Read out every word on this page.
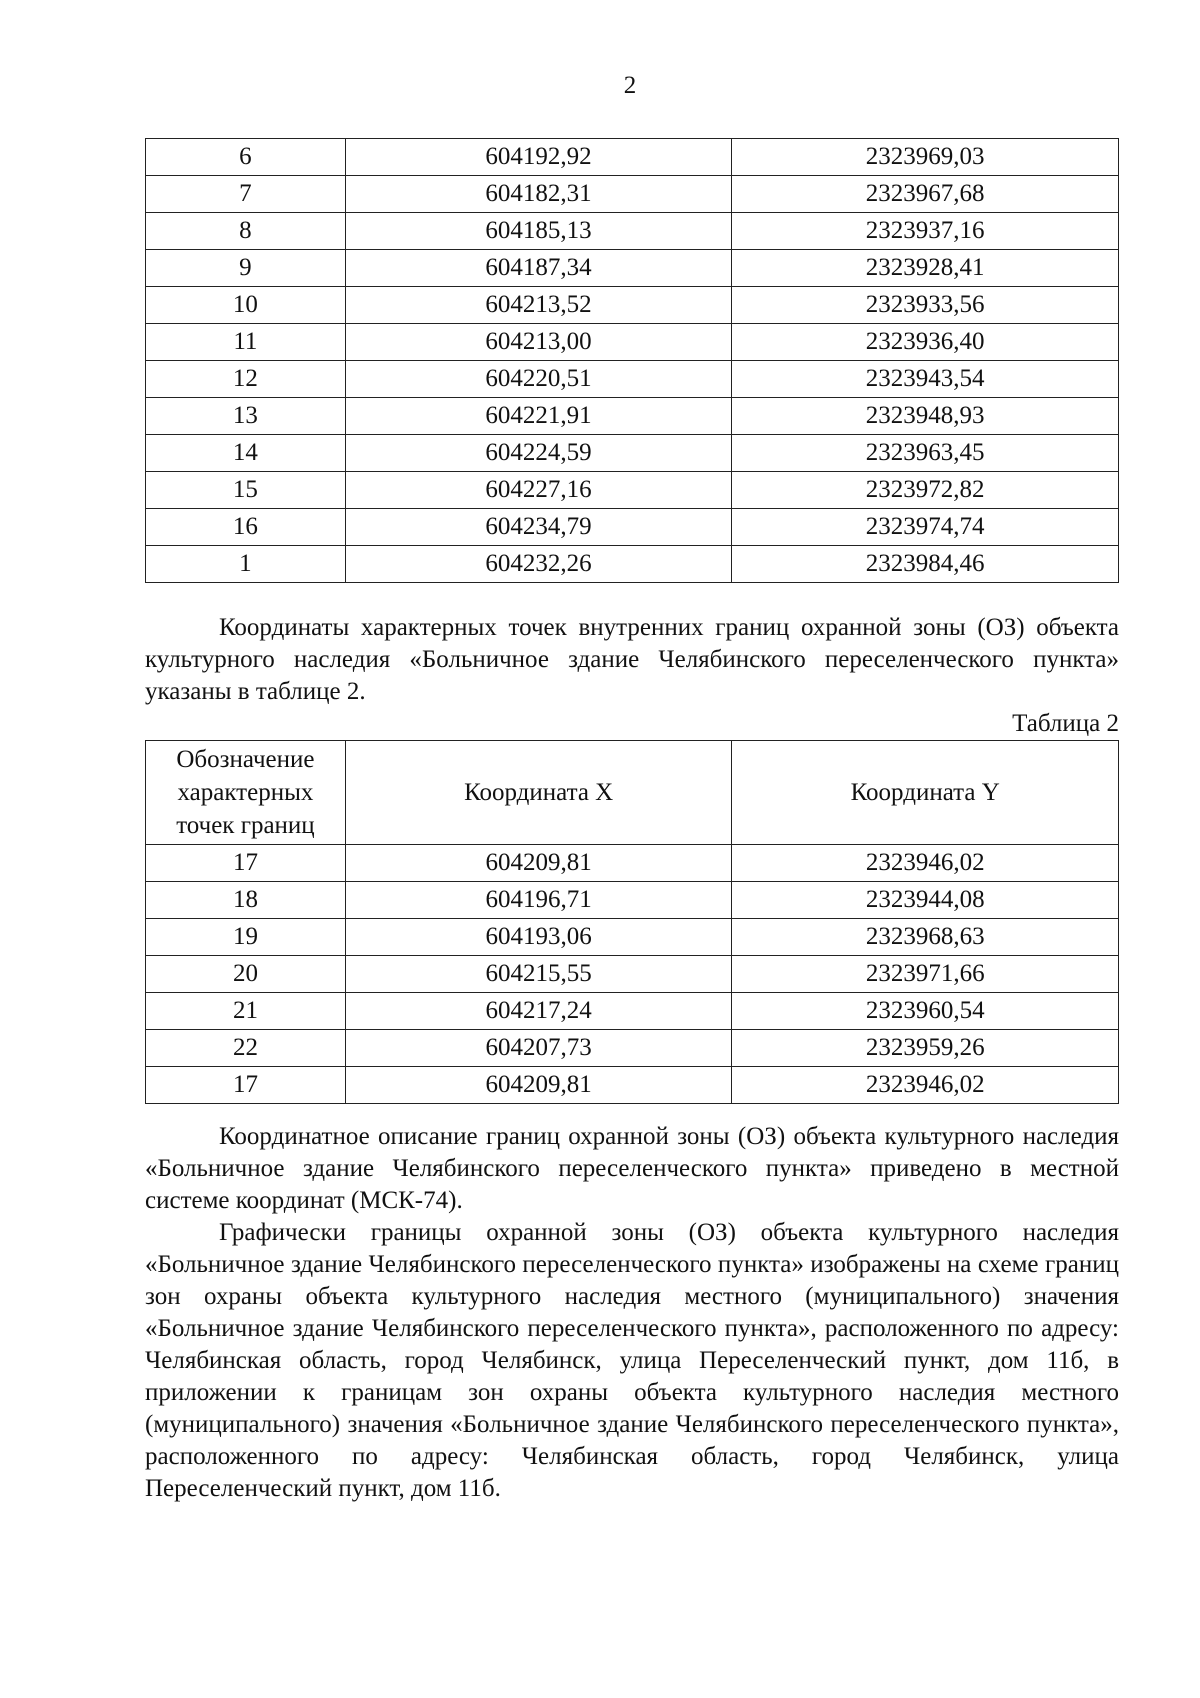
2
6	604192,92	2323969,03
7	604182,31	2323967,68
8	604185,13	2323937,16
9	604187,34	2323928,41
10	604213,52	2323933,56
11	604213,00	2323936,40
12	604220,51	2323943,54
13	604221,91	2323948,93
14	604224,59	2323963,45
15	604227,16	2323972,82
16	604234,79	2323974,74
1	604232,26	2323984,46

Координаты характерных точек внутренних границ охранной зоны (ОЗ) объекта культурного наследия «Больничное здание Челябинского переселенческого пункта» указаны в таблице 2.

Таблица 2
Обозначение характерных точек границ	Координата X	Координата Y
17	604209,81	2323946,02
18	604196,71	2323944,08
19	604193,06	2323968,63
20	604215,55	2323971,66
21	604217,24	2323960,54
22	604207,73	2323959,26
17	604209,81	2323946,02

Координатное описание границ охранной зоны (ОЗ) объекта культурного наследия «Больничное здание Челябинского переселенческого пункта» приведено в местной системе координат (МСК-74).

Графически границы охранной зоны (ОЗ) объекта культурного наследия «Больничное здание Челябинского переселенческого пункта» изображены на схеме границ зон охраны объекта культурного наследия местного (муниципального) значения «Больничное здание Челябинского переселенческого пункта», расположенного по адресу: Челябинская область, город Челябинск, улица Переселенческий пункт, дом 11б, в приложении к границам зон охраны объекта культурного наследия местного (муниципального) значения «Больничное здание Челябинского переселенческого пункта», расположенного по адресу: Челябинская область, город Челябинск, улица Переселенческий пункт, дом 11б.
